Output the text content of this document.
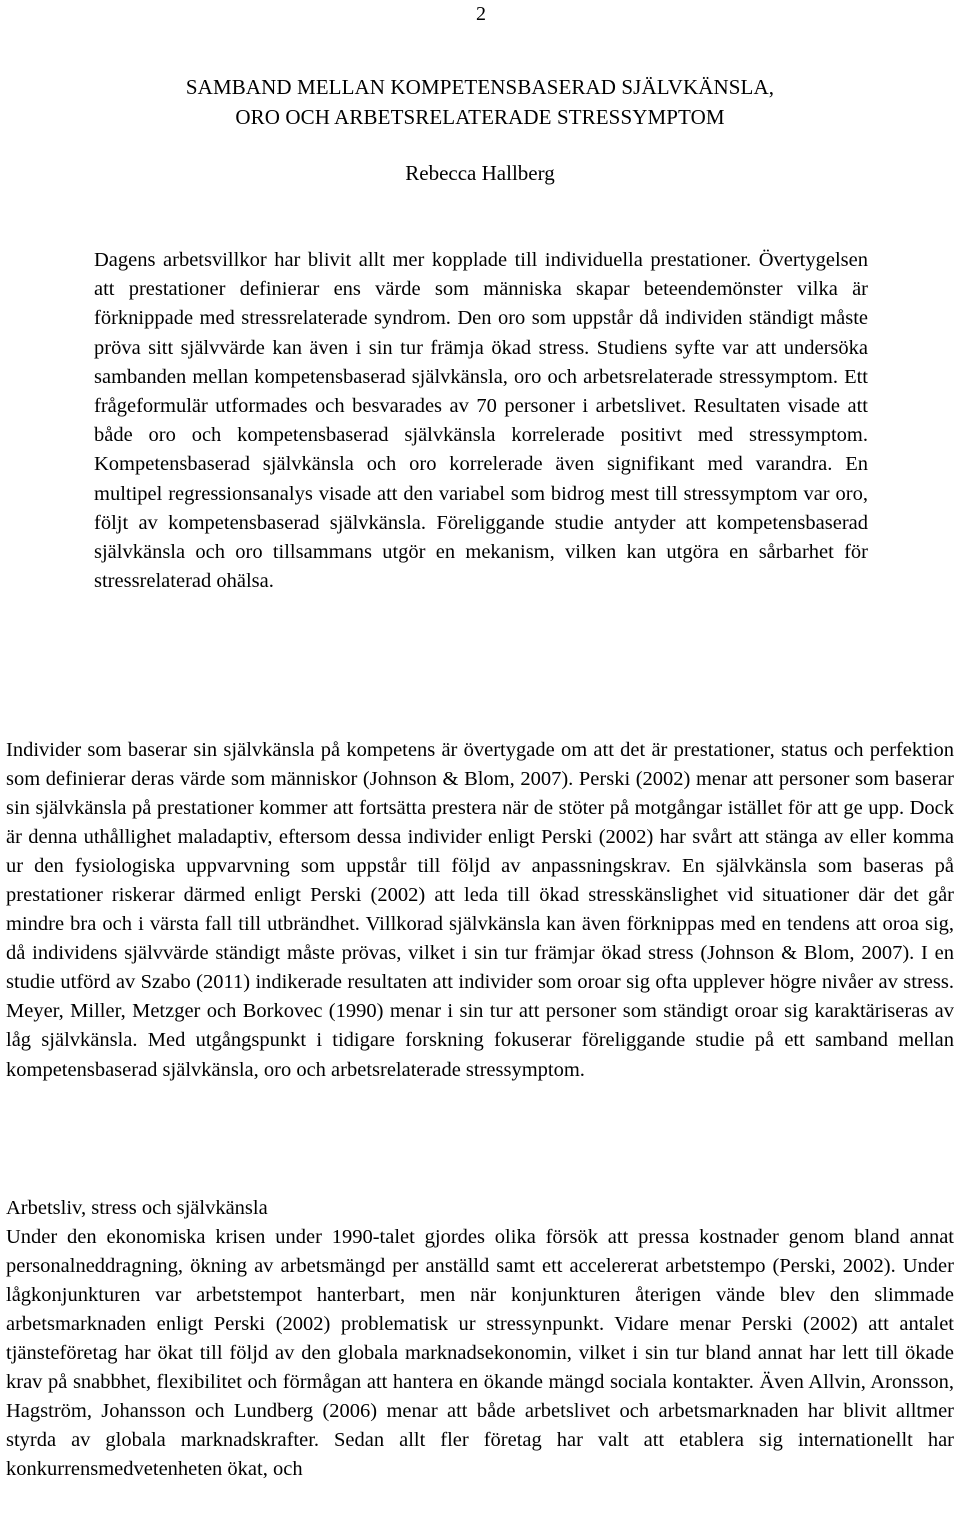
2
SAMBAND MELLAN KOMPETENSBASERAD SJÄLVKÄNSLA,
ORO OCH ARBETSRELATERADE STRESSYMPTOM
Rebecca Hallberg

Dagens arbetsvillkor har blivit allt mer kopplade till individuella prestationer. Övertygelsen att prestationer definierar ens värde som människa skapar beteendemönster vilka är förknippade med stressrelaterade syndrom. Den oro som uppstår då individen ständigt måste pröva sitt självvärde kan även i sin tur främja ökad stress. Studiens syfte var att undersöka sambanden mellan kompetensbaserad självkänsla, oro och arbetsrelaterade stressymptom. Ett frågeformulär utformades och besvarades av 70 personer i arbetslivet. Resultaten visade att både oro och kompetensbaserad självkänsla korrelerade positivt med stressymptom. Kompetensbaserad självkänsla och oro korrelerade även signifikant med varandra. En multipel regressionsanalys visade att den variabel som bidrog mest till stressymptom var oro, följt av kompetensbaserad självkänsla. Föreliggande studie antyder att kompetensbaserad självkänsla och oro tillsammans utgör en mekanism, vilken kan utgöra en sårbarhet för stressrelaterad ohälsa.

Individer som baserar sin självkänsla på kompetens är övertygade om att det är prestationer, status och perfektion som definierar deras värde som människor (Johnson & Blom, 2007). Perski (2002) menar att personer som baserar sin självkänsla på prestationer kommer att fortsätta prestera när de stöter på motgångar istället för att ge upp. Dock är denna uthållighet maladaptiv, eftersom dessa individer enligt Perski (2002) har svårt att stänga av eller komma ur den fysiologiska uppvarvning som uppstår till följd av anpassningskrav. En självkänsla som baseras på prestationer riskerar därmed enligt Perski (2002) att leda till ökad stresskänslighet vid situationer där det går mindre bra och i värsta fall till utbrändhet. Villkorad självkänsla kan även förknippas med en tendens att oroa sig, då individens självvärde ständigt måste prövas, vilket i sin tur främjar ökad stress (Johnson & Blom, 2007). I en studie utförd av Szabo (2011) indikerade resultaten att individer som oroar sig ofta upplever högre nivåer av stress. Meyer, Miller, Metzger och Borkovec (1990) menar i sin tur att personer som ständigt oroar sig karaktäriseras av låg självkänsla. Med utgångspunkt i tidigare forskning fokuserar föreliggande studie på ett samband mellan kompetensbaserad självkänsla, oro och arbetsrelaterade stressymptom.

Arbetsliv, stress och självkänsla

Under den ekonomiska krisen under 1990-talet gjordes olika försök att pressa kostnader genom bland annat personalneddragning, ökning av arbetsmängd per anställd samt ett accelererat arbetstempo (Perski, 2002). Under lågkonjunkturen var arbetstempot hanterbart, men när konjunkturen återigen vände blev den slimmade arbetsmarknaden enligt Perski (2002) problematisk ur stressynpunkt. Vidare menar Perski (2002) att antalet tjänsteföretag har ökat till följd av den globala marknadsekonomin, vilket i sin tur bland annat har lett till ökade krav på snabbhet, flexibilitet och förmågan att hantera en ökande mängd sociala kontakter. Även Allvin, Aronsson, Hagström, Johansson och Lundberg (2006) menar att både arbetslivet och arbetsmarknaden har blivit alltmer styrda av globala marknadskrafter. Sedan allt fler företag har valt att etablera sig internationellt har konkurrensmedvetenheten ökat, och
